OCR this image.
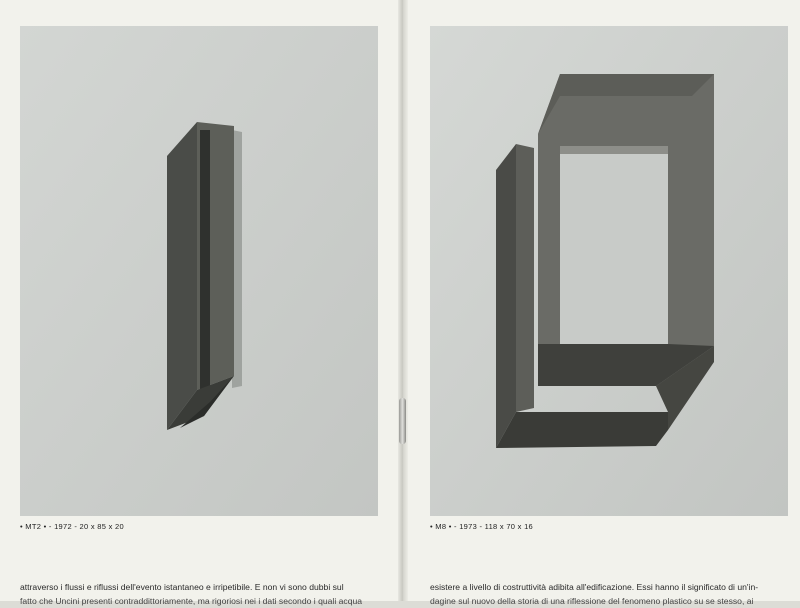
• MT2 • - 1972 - 20 x 85 x 20
attraverso i flussi e riflussi dell'evento istantaneo e irripetibile. E non vi sono dubbi sul
fatto che Uncini presenti contraddittoriamente, ma rigoriosi nei i dati secondo i quali acqua
• M8 • - 1973 - 118 x 70 x 16
esistere a livello di costruttività adibita all'edificazione. Essi hanno il significato di un'in-
dagine sul nuovo della storia di una riflessione del fenomeno plastico su se stesso, ai
